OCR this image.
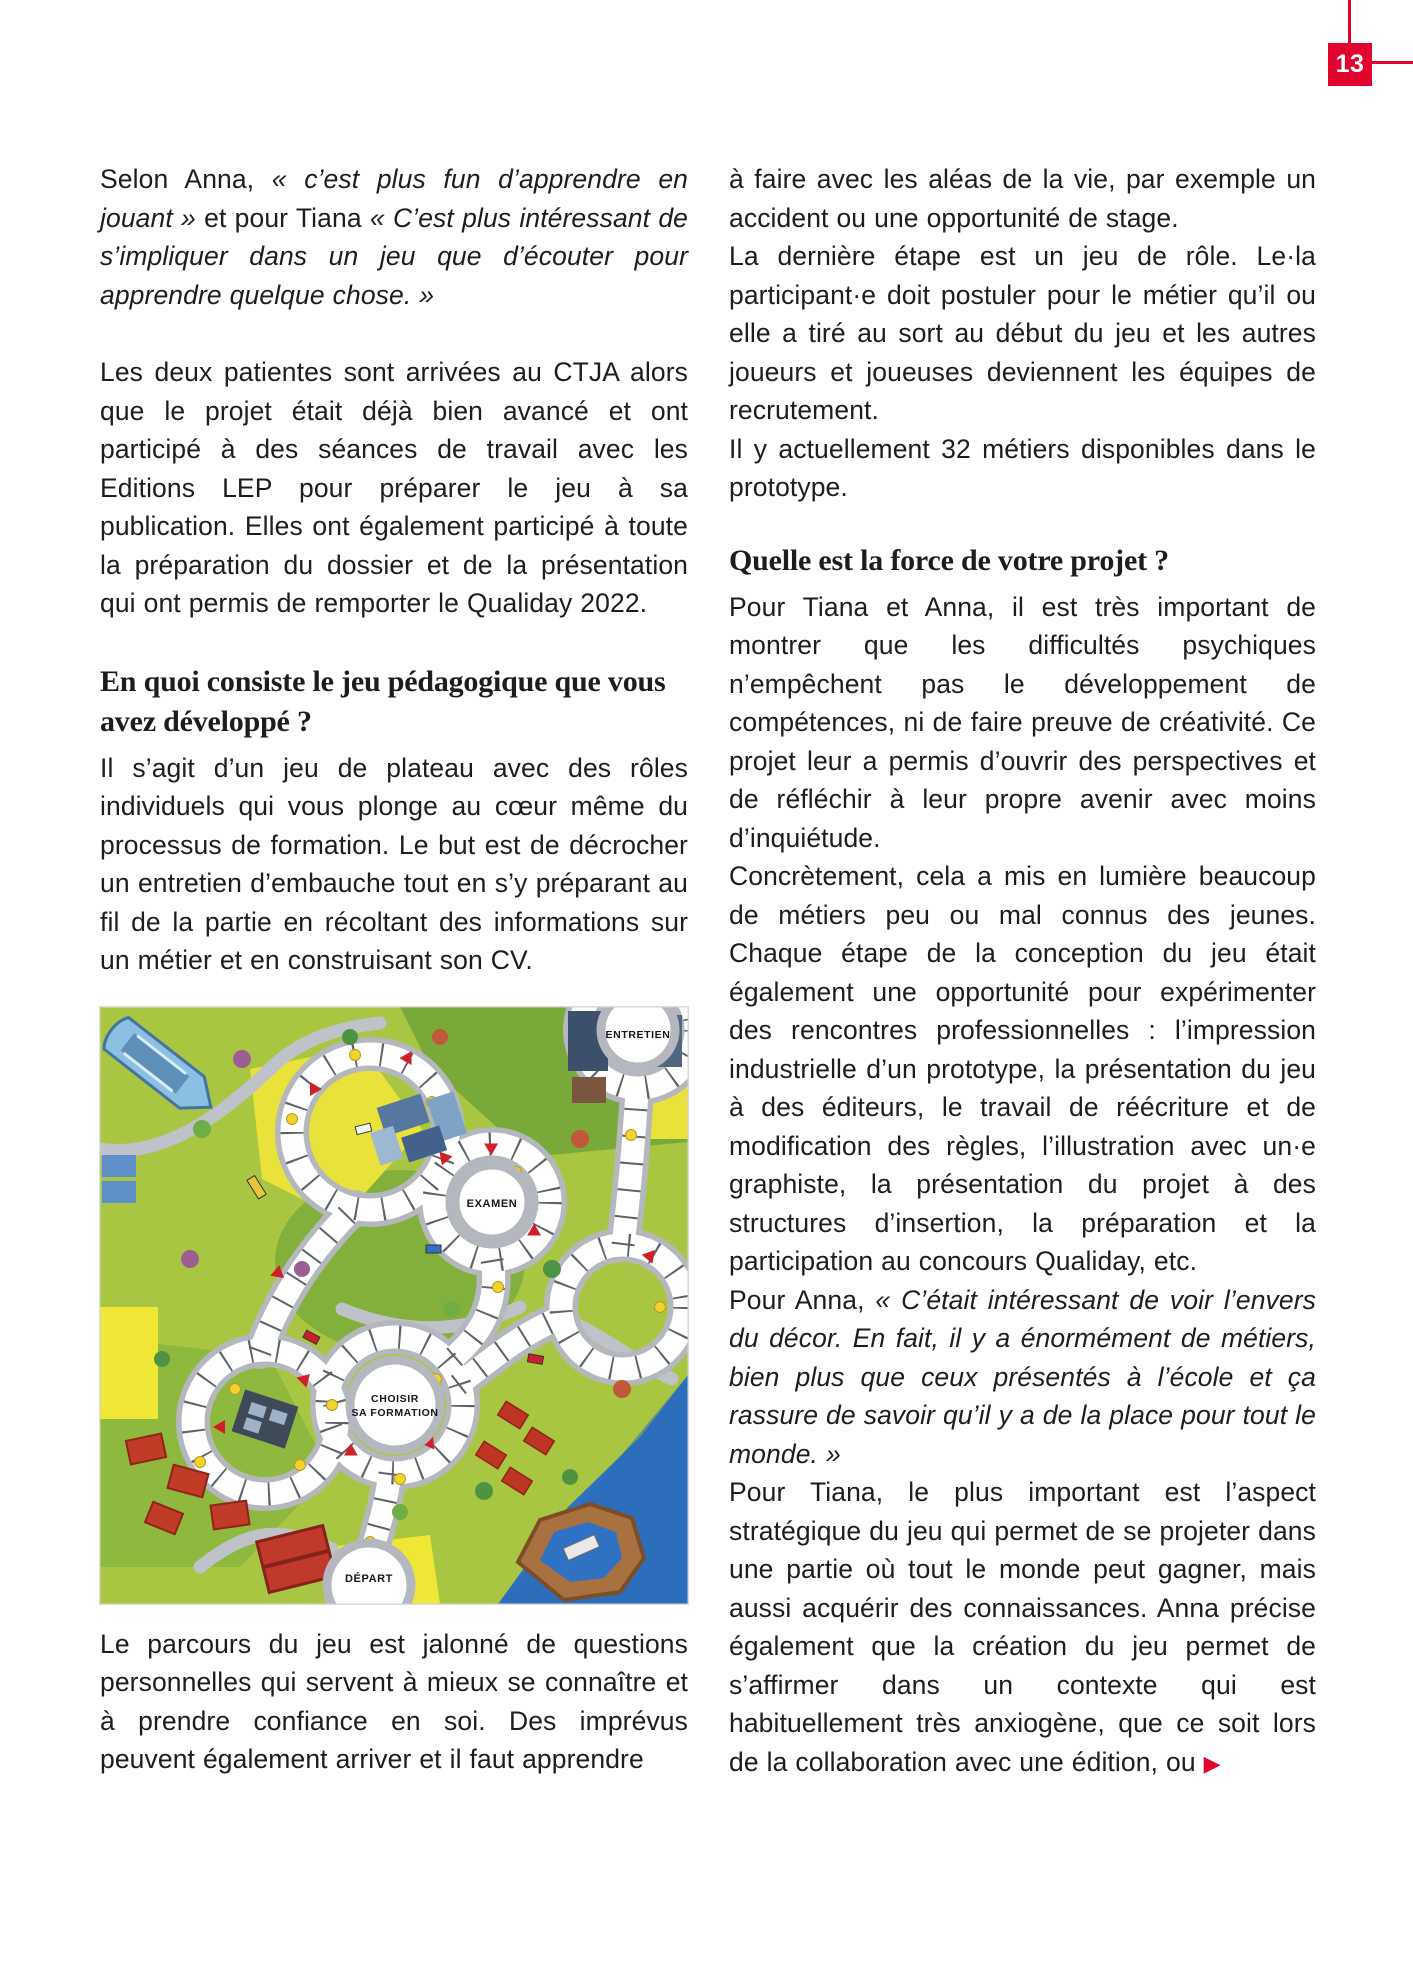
13

Selon Anna, « c’est plus fun d’apprendre en jouant » et pour Tiana « C’est plus intéressant de s’impliquer dans un jeu que d’écouter pour apprendre quelque chose. »

Les deux patientes sont arrivées au CTJA alors que le projet était déjà bien avancé et ont participé à des séances de travail avec les Editions LEP pour préparer le jeu à sa publication. Elles ont également participé à toute la préparation du dossier et de la présentation qui ont permis de remporter le Qualiday 2022.

En quoi consiste le jeu pédagogique que vous avez développé ?

Il s’agit d’un jeu de plateau avec des rôles individuels qui vous plonge au cœur même du processus de formation. Le but est de décrocher un entretien d’embauche tout en s’y préparant au fil de la partie en récoltant des informations sur un métier et en construisant son CV.

ENTRETIEN
EXAMEN
CHOISIR
SA FORMATION
DÉPART

Le parcours du jeu est jalonné de questions personnelles qui servent à mieux se connaître et à prendre confiance en soi. Des imprévus peuvent également arriver et il faut apprendre

à faire avec les aléas de la vie, par exemple un accident ou une opportunité de stage.

La dernière étape est un jeu de rôle. Le·la participant·e doit postuler pour le métier qu’il ou elle a tiré au sort au début du jeu et les autres joueurs et joueuses deviennent les équipes de recrutement.

Il y actuellement 32 métiers disponibles dans le prototype.

Quelle est la force de votre projet ?

Pour Tiana et Anna, il est très important de montrer que les difficultés psychiques n’empêchent pas le développement de compétences, ni de faire preuve de créativité. Ce projet leur a permis d’ouvrir des perspectives et de réfléchir à leur propre avenir avec moins d’inquiétude.

Concrètement, cela a mis en lumière beaucoup de métiers peu ou mal connus des jeunes. Chaque étape de la conception du jeu était également une opportunité pour expérimenter des rencontres professionnelles : l’impression industrielle d’un prototype, la présentation du jeu à des éditeurs, le travail de réécriture et de modification des règles, l’illustration avec un·e graphiste, la présentation du projet à des structures d’insertion, la préparation et la participation au concours Qualiday, etc.

Pour Anna, « C’était intéressant de voir l’envers du décor. En fait, il y a énormément de métiers, bien plus que ceux présentés à l’école et ça rassure de savoir qu’il y a de la place pour tout le monde. »

Pour Tiana, le plus important est l’aspect stratégique du jeu qui permet de se projeter dans une partie où tout le monde peut gagner, mais aussi acquérir des connaissances. Anna précise également que la création du jeu permet de s’affirmer dans un contexte qui est habituellement très anxiogène, que ce soit lors de la collaboration avec une édition, ou ▶
